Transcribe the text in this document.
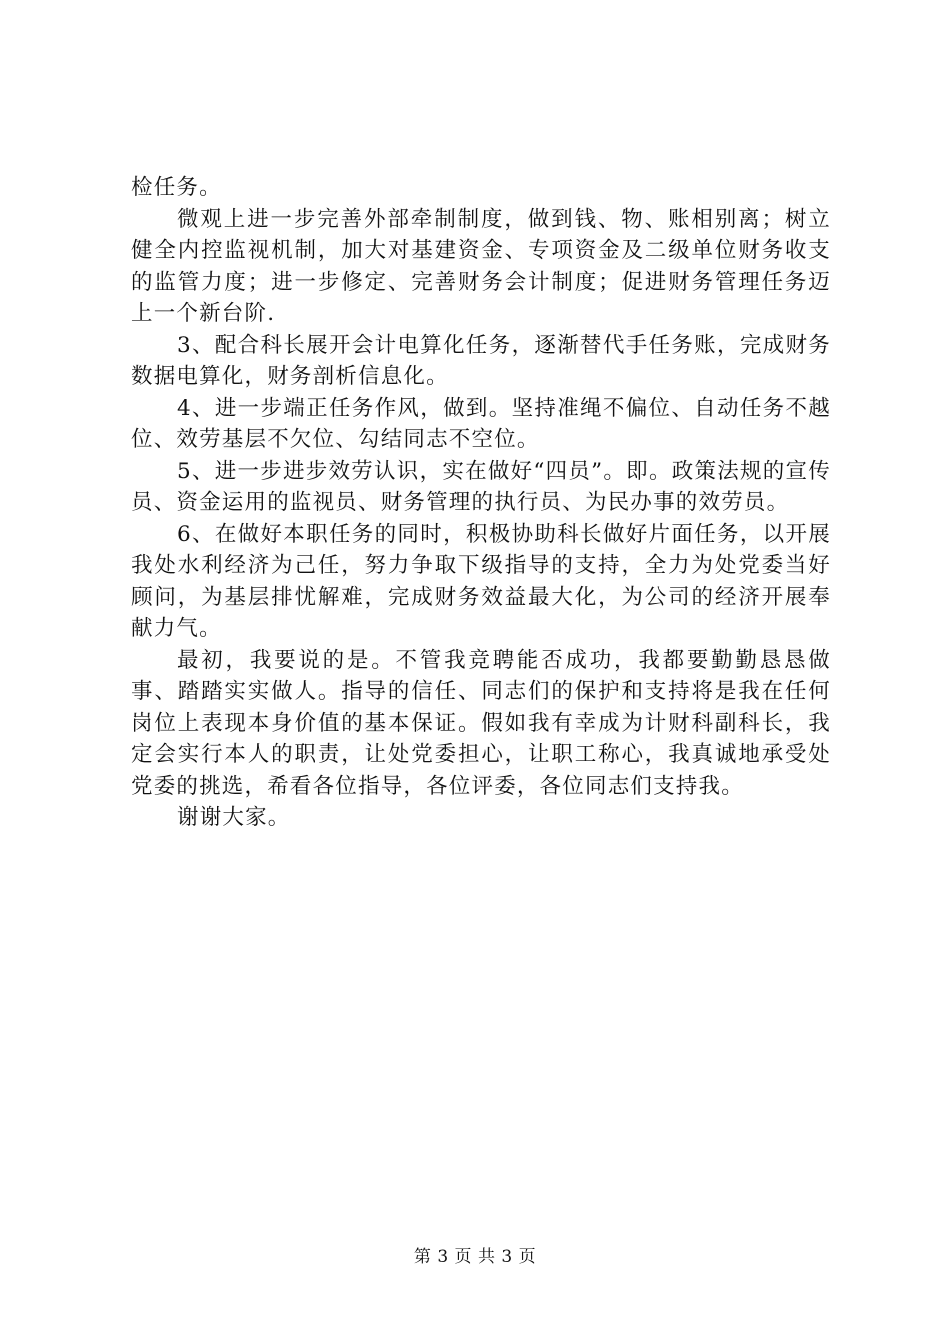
检任务。

微观上进一步完善外部牵制制度，做到钱、物、账相别离；树立健全内控监视机制，加大对基建资金、专项资金及二级单位财务收支的监管力度；进一步修定、完善财务会计制度；促进财务管理任务迈上一个新台阶.

3、配合科长展开会计电算化任务，逐渐替代手任务账，完成财务数据电算化，财务剖析信息化。

4、进一步端正任务作风，做到。坚持准绳不偏位、自动任务不越位、效劳基层不欠位、勾结同志不空位。

5、进一步进步效劳认识，实在做好“四员”。即。政策法规的宣传员、资金运用的监视员、财务管理的执行员、为民办事的效劳员。

6、在做好本职任务的同时，积极协助科长做好片面任务，以开展我处水利经济为己任，努力争取下级指导的支持，全力为处党委当好顾问，为基层排忧解难，完成财务效益最大化，为公司的经济开展奉献力气。

最初，我要说的是。不管我竞聘能否成功，我都要勤勤恳恳做事、踏踏实实做人。指导的信任、同志们的保护和支持将是我在任何岗位上表现本身价值的基本保证。假如我有幸成为计财科副科长，我定会实行本人的职责，让处党委担心，让职工称心，我真诚地承受处党委的挑选，希看各位指导，各位评委，各位同志们支持我。

谢谢大家。

第 3 页 共 3 页
